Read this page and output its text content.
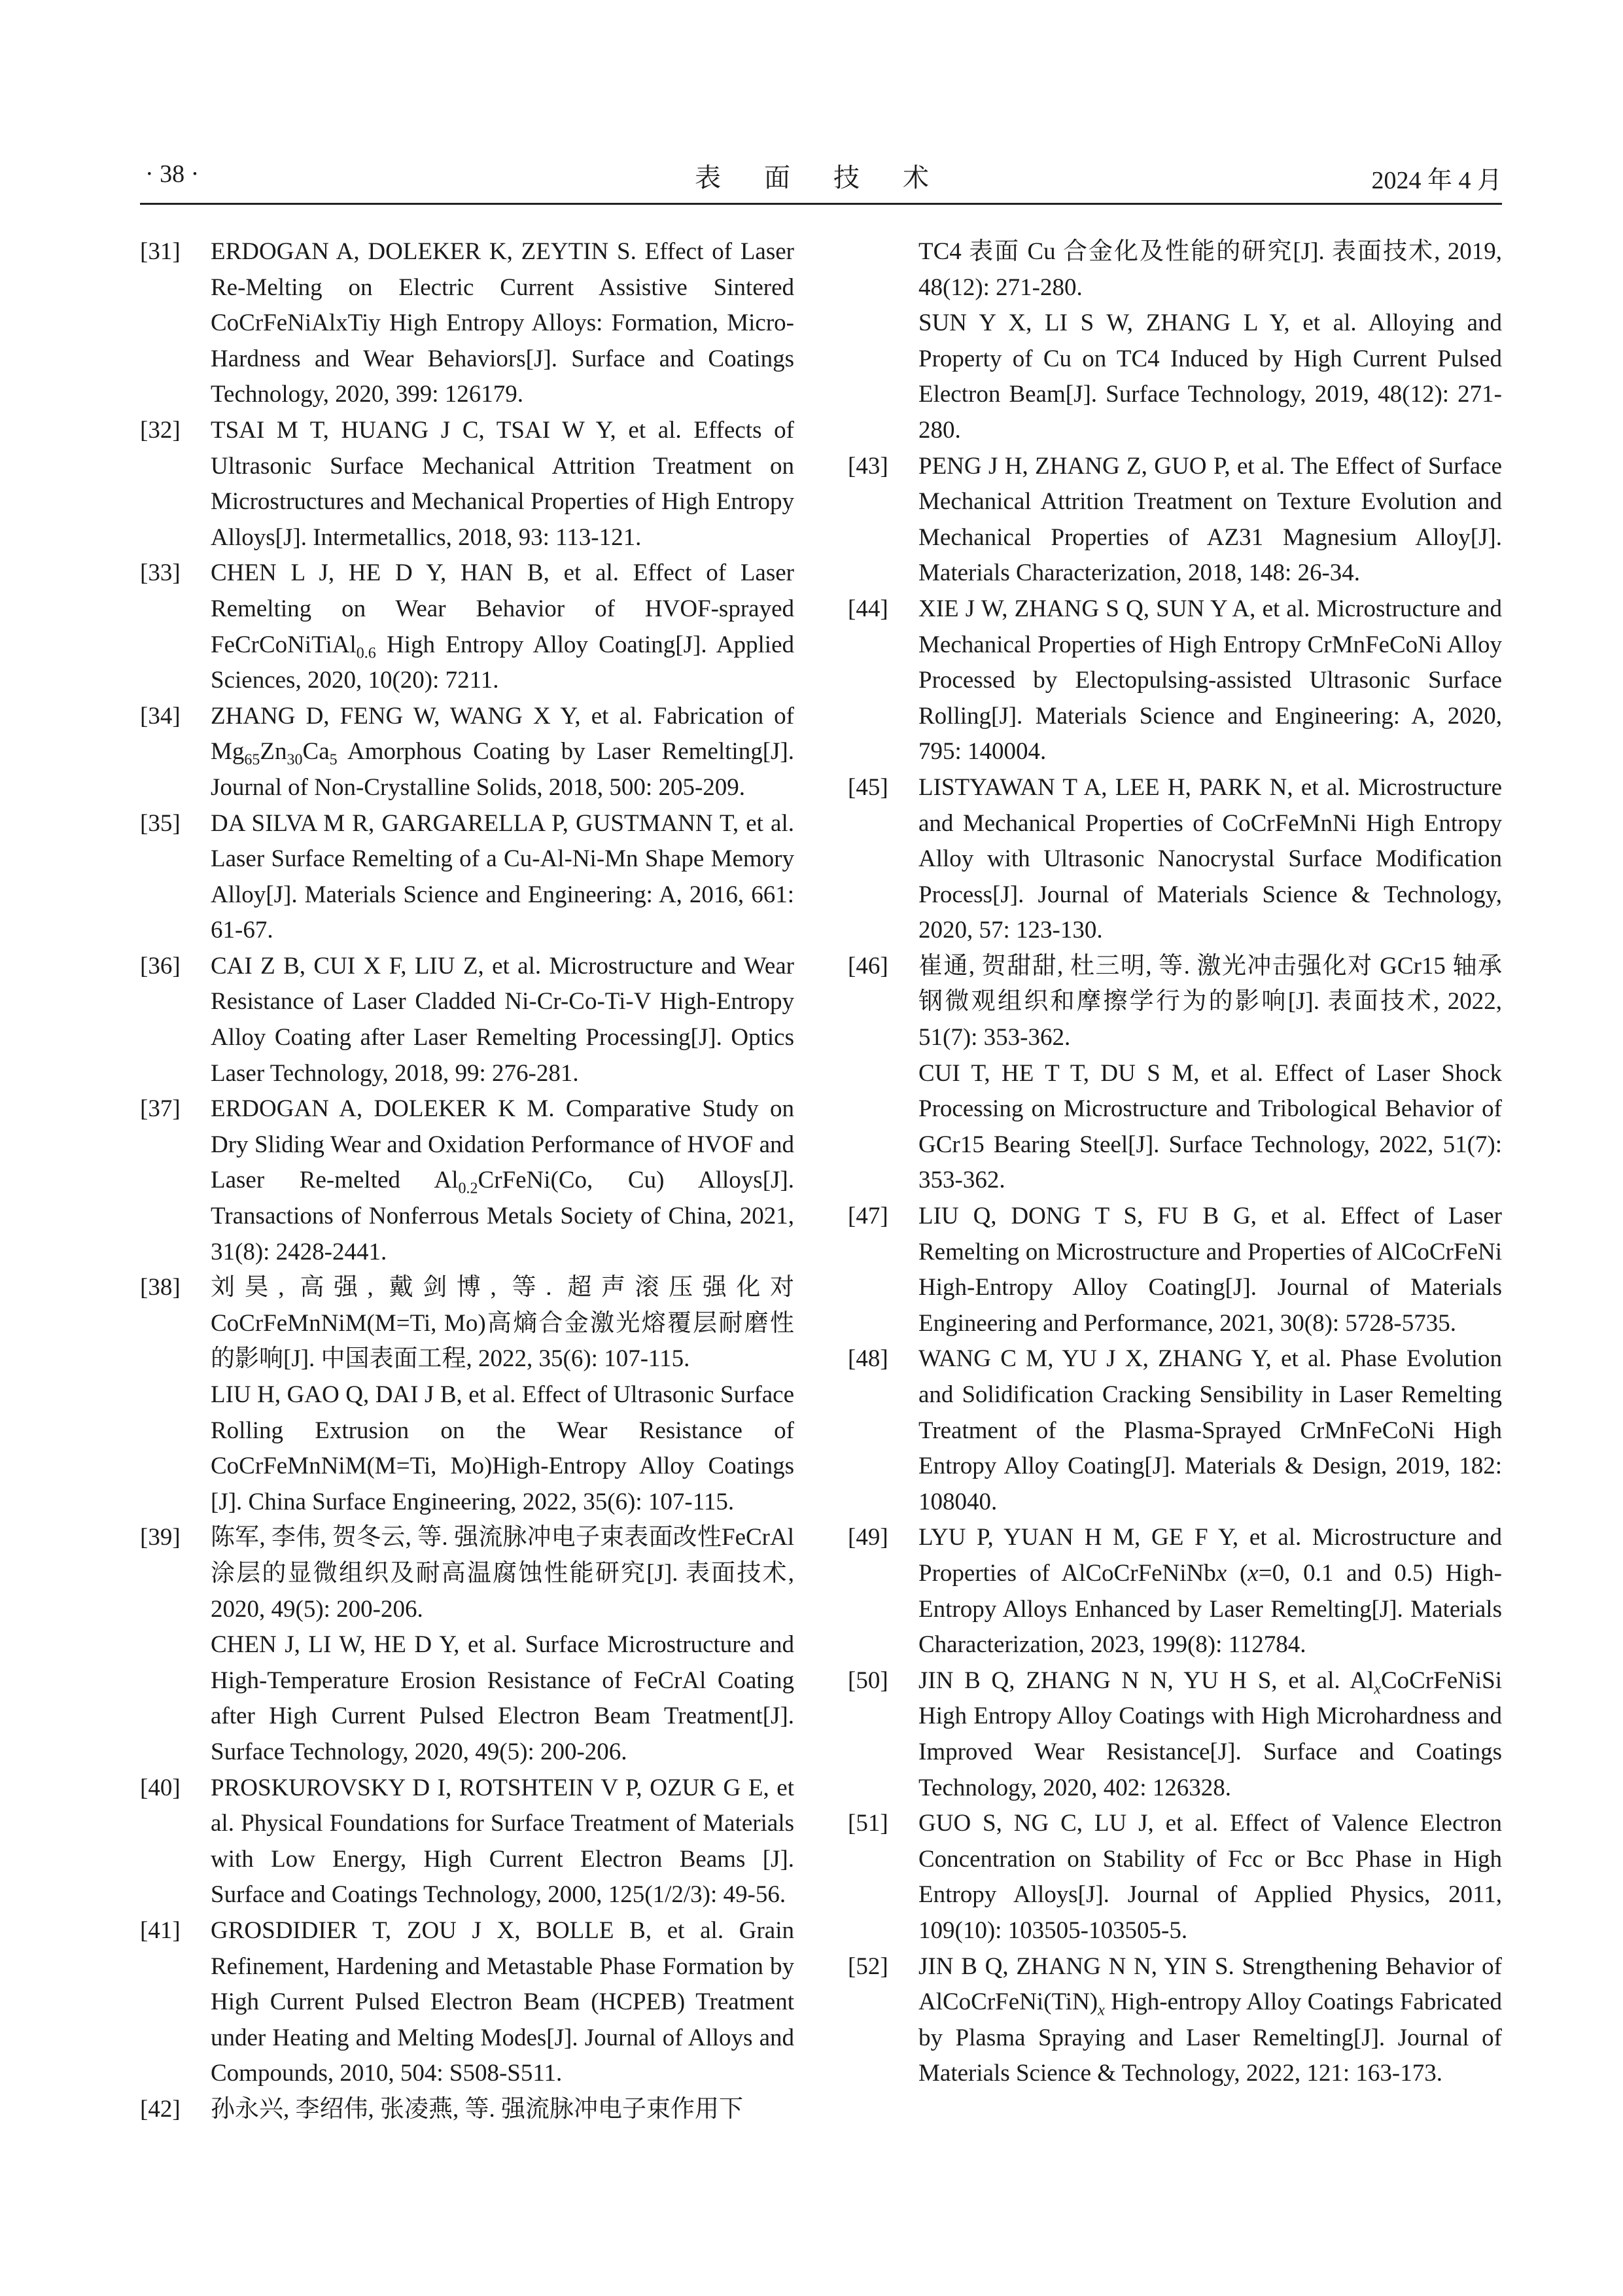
· 38 ·	表 面 技 术	2024 年 4 月
[31] ERDOGAN A, DOLEKER K, ZEYTIN S. Effect of Laser Re-Melting on Electric Current Assistive Sintered CoCrFeNiAlxTiy High Entropy Alloys: Formation, Micro-Hardness and Wear Behaviors[J]. Surface and Coatings Technology, 2020, 399: 126179.
[32] TSAI M T, HUANG J C, TSAI W Y, et al. Effects of Ultrasonic Surface Mechanical Attrition Treatment on Microstructures and Mechanical Properties of High Entropy Alloys[J]. Intermetallics, 2018, 93: 113-121.
[33] CHEN L J, HE D Y, HAN B, et al. Effect of Laser Remelting on Wear Behavior of HVOF-sprayed FeCrCoNiTiAl$_{0.6}$ High Entropy Alloy Coating[J]. Applied Sciences, 2020, 10(20): 7211.
[34] ZHANG D, FENG W, WANG X Y, et al. Fabrication of $Mg_{65}Zn_{30}Ca_5$ Amorphous Coating by Laser Remelting[J]. Journal of Non-Crystalline Solids, 2018, 500: 205-209.
[35] DA SILVA M R, GARGARELLA P, GUSTMANN T, et al. Laser Surface Remelting of a Cu-Al-Ni-Mn Shape Memory Alloy[J]. Materials Science and Engineering: A, 2016, 661: 61-67.
[36] CAI Z B, CUI X F, LIU Z, et al. Microstructure and Wear Resistance of Laser Cladded Ni-Cr-Co-Ti-V High-Entropy Alloy Coating after Laser Remelting Processing[J]. Optics Laser Technology, 2018, 99: 276-281.
[37] ERDOGAN A, DOLEKER K M. Comparative Study on Dry Sliding Wear and Oxidation Performance of HVOF and Laser Re-melted $Al_{0.2}CrFeNi(Co$, Cu) Alloys[J]. Transactions of Nonferrous Metals Society of China, 2021, 31(8): 2428-2441.
[38] 刘昊, 高强, 戴剑博, 等. 超声滚压强化对 CoCrFeMnNiM(M=Ti, Mo)高熵合金激光熔覆层耐磨性的影响[J]. 中国表面工程, 2022, 35(6): 107-115.
LIU H, GAO Q, DAI J B, et al. Effect of Ultrasonic Surface Rolling Extrusion on the Wear Resistance of CoCrFeMnNiM(M=Ti, Mo)High-Entropy Alloy Coatings [J]. China Surface Engineering, 2022, 35(6): 107-115.
[39] 陈军, 李伟, 贺冬云, 等. 强流脉冲电子束表面改性FeCrAl 涂层的显微组织及耐高温腐蚀性能研究[J]. 表面技术, 2020, 49(5): 200-206.
CHEN J, LI W, HE D Y, et al. Surface Microstructure and High-Temperature Erosion Resistance of FeCrAl Coating after High Current Pulsed Electron Beam Treatment[J]. Surface Technology, 2020, 49(5): 200-206.
[40] PROSKUROVSKY D I, ROTSHTEIN V P, OZUR G E, et al. Physical Foundations for Surface Treatment of Materials with Low Energy, High Current Electron Beams [J]. Surface and Coatings Technology, 2000, 125(1/2/3): 49-56.
[41] GROSDIDIER T, ZOU J X, BOLLE B, et al. Grain Refinement, Hardening and Metastable Phase Formation by High Current Pulsed Electron Beam (HCPEB) Treatment under Heating and Melting Modes[J]. Journal of Alloys and Compounds, 2010, 504: S508-S511.
[42] 孙永兴, 李绍伟, 张凌燕, 等. 强流脉冲电子束作用下
TC4 表面 Cu 合金化及性能的研究[J]. 表面技术, 2019, 48(12): 271-280.
SUN Y X, LI S W, ZHANG L Y, et al. Alloying and Property of Cu on TC4 Induced by High Current Pulsed Electron Beam[J]. Surface Technology, 2019, 48(12): 271-280.
[43] PENG J H, ZHANG Z, GUO P, et al. The Effect of Surface Mechanical Attrition Treatment on Texture Evolution and Mechanical Properties of AZ31 Magnesium Alloy[J]. Materials Characterization, 2018, 148: 26-34.
[44] XIE J W, ZHANG S Q, SUN Y A, et al. Microstructure and Mechanical Properties of High Entropy CrMnFeCoNi Alloy Processed by Electopulsing-assisted Ultrasonic Surface Rolling[J]. Materials Science and Engineering: A, 2020, 795: 140004.
[45] LISTYAWAN T A, LEE H, PARK N, et al. Microstructure and Mechanical Properties of CoCrFeMnNi High Entropy Alloy with Ultrasonic Nanocrystal Surface Modification Process[J]. Journal of Materials Science & Technology, 2020, 57: 123-130.
[46] 崔通, 贺甜甜, 杜三明, 等. 激光冲击强化对 GCr15 轴承钢微观组织和摩擦学行为的影响[J]. 表面技术, 2022, 51(7): 353-362.
CUI T, HE T T, DU S M, et al. Effect of Laser Shock Processing on Microstructure and Tribological Behavior of GCr15 Bearing Steel[J]. Surface Technology, 2022, 51(7): 353-362.
[47] LIU Q, DONG T S, FU B G, et al. Effect of Laser Remelting on Microstructure and Properties of AlCoCrFeNi High-Entropy Alloy Coating[J]. Journal of Materials Engineering and Performance, 2021, 30(8): 5728-5735.
[48] WANG C M, YU J X, ZHANG Y, et al. Phase Evolution and Solidification Cracking Sensibility in Laser Remelting Treatment of the Plasma-Sprayed CrMnFeCoNi High Entropy Alloy Coating[J]. Materials & Design, 2019, 182: 108040.
[49] LYU P, YUAN H M, GE F Y, et al. Microstructure and Properties of AlCoCrFeNiNbx (x=0, 0.1 and 0.5) High-Entropy Alloys Enhanced by Laser Remelting[J]. Materials Characterization, 2023, 199(8): 112784.
[50] JIN B Q, ZHANG N N, YU H S, et al. $Al_xCoCrFeNiSi$ High Entropy Alloy Coatings with High Microhardness and Improved Wear Resistance[J]. Surface and Coatings Technology, 2020, 402: 126328.
[51] GUO S, NG C, LU J, et al. Effect of Valence Electron Concentration on Stability of Fcc or Bcc Phase in High Entropy Alloys[J]. Journal of Applied Physics, 2011, 109(10): 103505-103505-5.
[52] JIN B Q, ZHANG N N, YIN S. Strengthening Behavior of $AlCoCrFeNi(TiN)_x$ High-entropy Alloy Coatings Fabricated by Plasma Spraying and Laser Remelting[J]. Journal of Materials Science & Technology, 2022, 121: 163-173.
